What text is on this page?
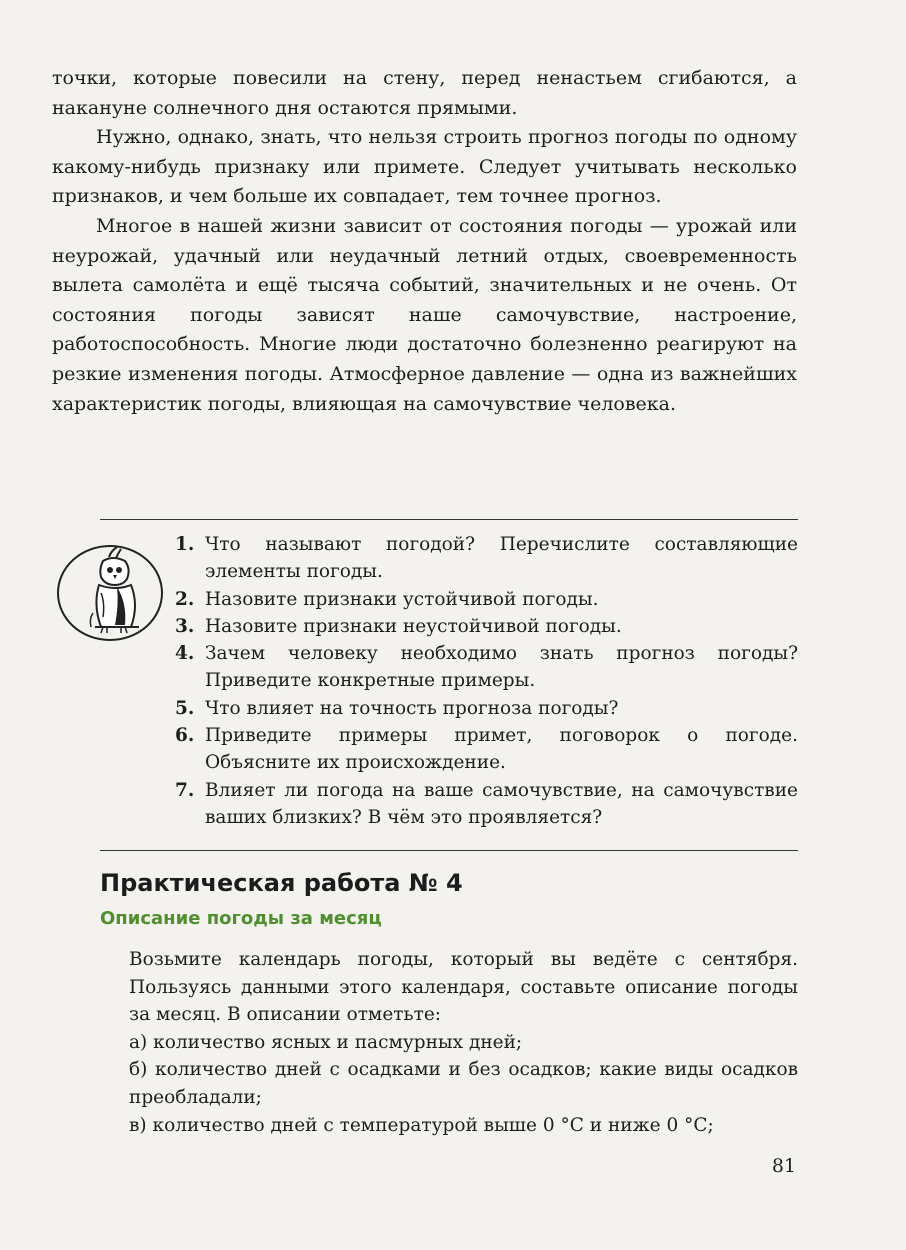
точки, которые повесили на стену, перед ненастьем сгибаются, а накануне солнечного дня остаются прямыми.

Нужно, однако, знать, что нельзя строить прогноз погоды по одному какому-нибудь признаку или примете. Следует учитывать несколько признаков, и чем больше их совпадает, тем точнее прогноз.

Многое в нашей жизни зависит от состояния погоды — урожай или неурожай, удачный или неудачный летний отдых, своевременность вылета самолёта и ещё тысяча событий, значительных и не очень. От состояния погоды зависят наше самочувствие, настроение, работоспособность. Многие люди достаточно болезненно реагируют на резкие изменения погоды. Атмосферное давление — одна из важнейших характеристик погоды, влияющая на самочувствие человека.

1. Что называют погодой? Перечислите составляющие элементы погоды.
2. Назовите признаки устойчивой погоды.
3. Назовите признаки неустойчивой погоды.
4. Зачем человеку необходимо знать прогноз погоды? Приведите конкретные примеры.
5. Что влияет на точность прогноза погоды?
6. Приведите примеры примет, поговорок о погоде. Объясните их происхождение.
7. Влияет ли погода на ваше самочувствие, на самочувствие ваших близких? В чём это проявляется?
Практическая работа № 4
Описание погоды за месяц

Возьмите календарь погоды, который вы ведёте с сентября. Пользуясь данными этого календаря, составьте описание погоды за месяц. В описании отметьте:

а) количество ясных и пасмурных дней;

б) количество дней с осадками и без осадков; какие виды осадков преобладали;

в) количество дней с температурой выше 0 °С и ниже 0 °С;

81
